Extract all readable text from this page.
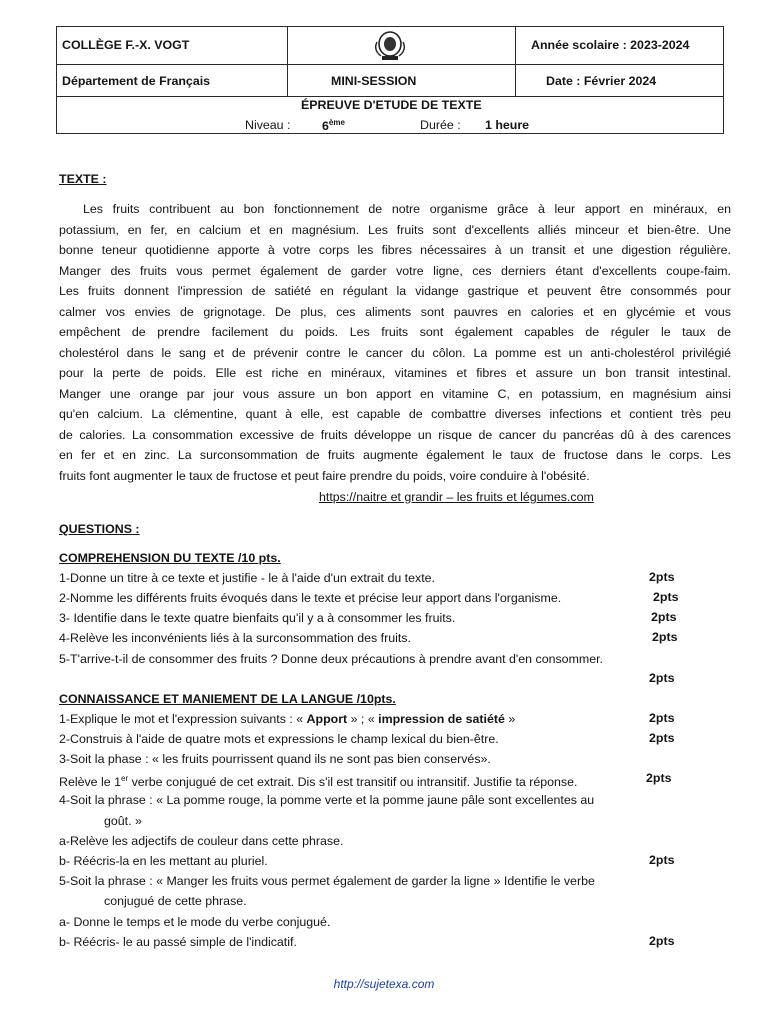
COLLÈGE F.-X. VOGT	Année scolaire : 2023-2024
Département de Français	MINI-SESSION	Date : Février 2024
ÉPREUVE D'ETUDE DE TEXTE
Niveau :	6ème	Durée : 1 heure
TEXTE :
Les fruits contribuent au bon fonctionnement de notre organisme grâce à leur apport en minéraux, en
potassium, en fer, en calcium et en magnésium. Les fruits sont d'excellents alliés minceur et bien-être. Une
bonne teneur quotidienne apporte à votre corps les fibres nécessaires à un transit et une digestion régulière.
Manger des fruits vous permet également de garder votre ligne, ces derniers étant d'excellents coupe-faim.
Les fruits donnent l'impression de satiété en régulant la vidange gastrique et peuvent être consommés pour
calmer vos envies de grignotage. De plus, ces aliments sont pauvres en calories et en glycémie et vous
empêchent de prendre facilement du poids. Les fruits sont également capables de réguler le taux de
cholestérol dans le sang et de prévenir contre le cancer du côlon. La pomme est un anti-cholestérol privilégié
pour la perte de poids. Elle est riche en minéraux, vitamines et fibres et assure un bon transit intestinal.
Manger une orange par jour vous assure un bon apport en vitamine C, en potassium, en magnésium ainsi
qu'en calcium. La clémentine, quant à elle, est capable de combattre diverses infections et contient très peu
de calories. La consommation excessive de fruits développe un risque de cancer du pancréas dû à des carences
en fer et en zinc. La surconsommation de fruits augmente également le taux de fructose dans le corps. Les
fruits font augmenter le taux de fructose et peut faire prendre du poids, voire conduire à l'obésité.
https://naitre et grandir – les fruits et légumes.com
QUESTIONS :
COMPREHENSION DU TEXTE /10 pts.
1-Donne un titre à ce texte et justifie - le à l'aide d'un extrait du texte.	2pts
2-Nomme les différents fruits évoqués dans le texte et précise leur apport dans l'organisme.	2pts
3- Identifie dans le texte quatre bienfaits qu'il y a à consommer les fruits.	2pts
4-Relève les inconvénients liés à la surconsommation des fruits.	2pts
5-T'arrive-t-il de consommer des fruits ? Donne deux précautions à prendre avant d'en consommer.
2pts
CONNAISSANCE ET MANIEMENT DE LA LANGUE /10pts.
1-Explique le mot et l'expression suivants : « Apport » ; « impression de satiété »	2pts
2-Construis à l'aide de quatre mots et expressions le champ lexical du bien-être.	2pts
3-Soit la phase : « les fruits pourrissent quand ils ne sont pas bien conservés».
Relève le 1er verbe conjugué de cet extrait. Dis s'il est transitif ou intransitif. Justifie ta réponse.	2pts
4-Soit la phrase : « La pomme rouge, la pomme verte et la pomme jaune pâle sont excellentes au
goût. »
a-Relève les adjectifs de couleur dans cette phrase.
b- Réécris-la en les mettant au pluriel.	2pts
5-Soit la phrase : « Manger les fruits vous permet également de garder la ligne » Identifie le verbe
conjugué de cette phrase.
a- Donne le temps et le mode du verbe conjugué.
b- Réécris- le au passé simple de l'indicatif.	2pts
http://sujetexa.com
